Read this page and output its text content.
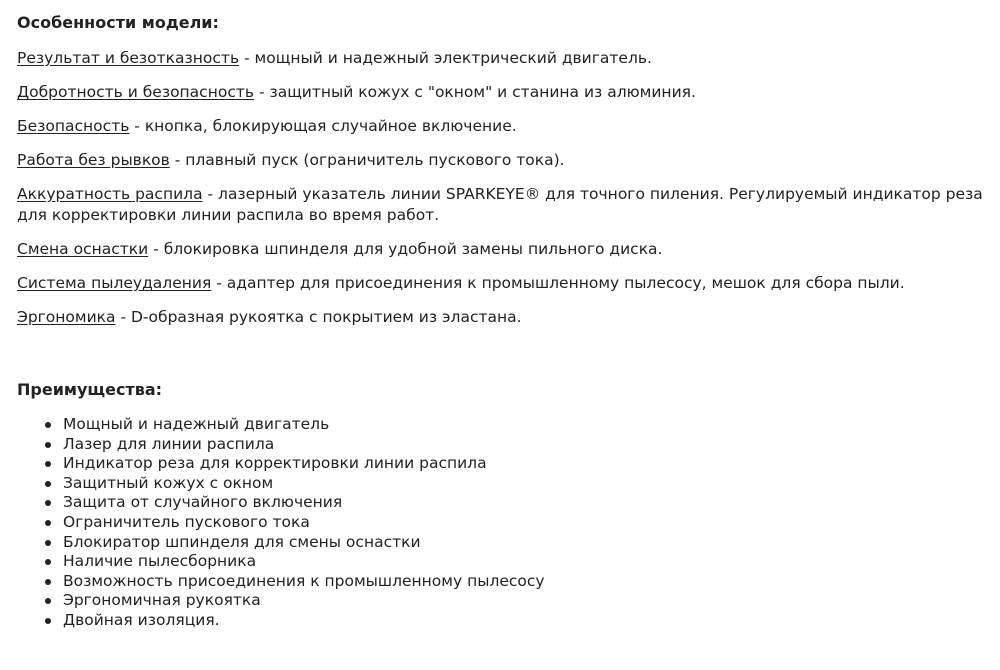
Особенности модели:

Результат и безотказность - мощный и надежный электрический двигатель.

Добротность и безопасность - защитный кожух с "окном" и станина из алюминия.

Безопасность - кнопка, блокирующая случайное включение.

Работа без рывков - плавный пуск (ограничитель пускового тока).

Аккуратность распила - лазерный указатель линии SPARKEYE® для точного пиления. Регулируемый индикатор реза для корректировки линии распила во время работ.

Смена оснастки - блокировка шпинделя для удобной замены пильного диска.

Система пылеудаления - адаптер для присоединения к промышленному пылесосу, мешок для сбора пыли.

Эргономика - D-образная рукоятка с покрытием из эластана.

Преимущества:
Мощный и надежный двигатель
Лазер для линии распила
Индикатор реза для корректировки линии распила
Защитный кожух с окном
Защита от случайного включения
Ограничитель пускового тока
Блокиратор шпинделя для смены оснастки
Наличие пылесборника
Возможность присоединения к промышленному пылесосу
Эргономичная рукоятка
Двойная изоляция.
